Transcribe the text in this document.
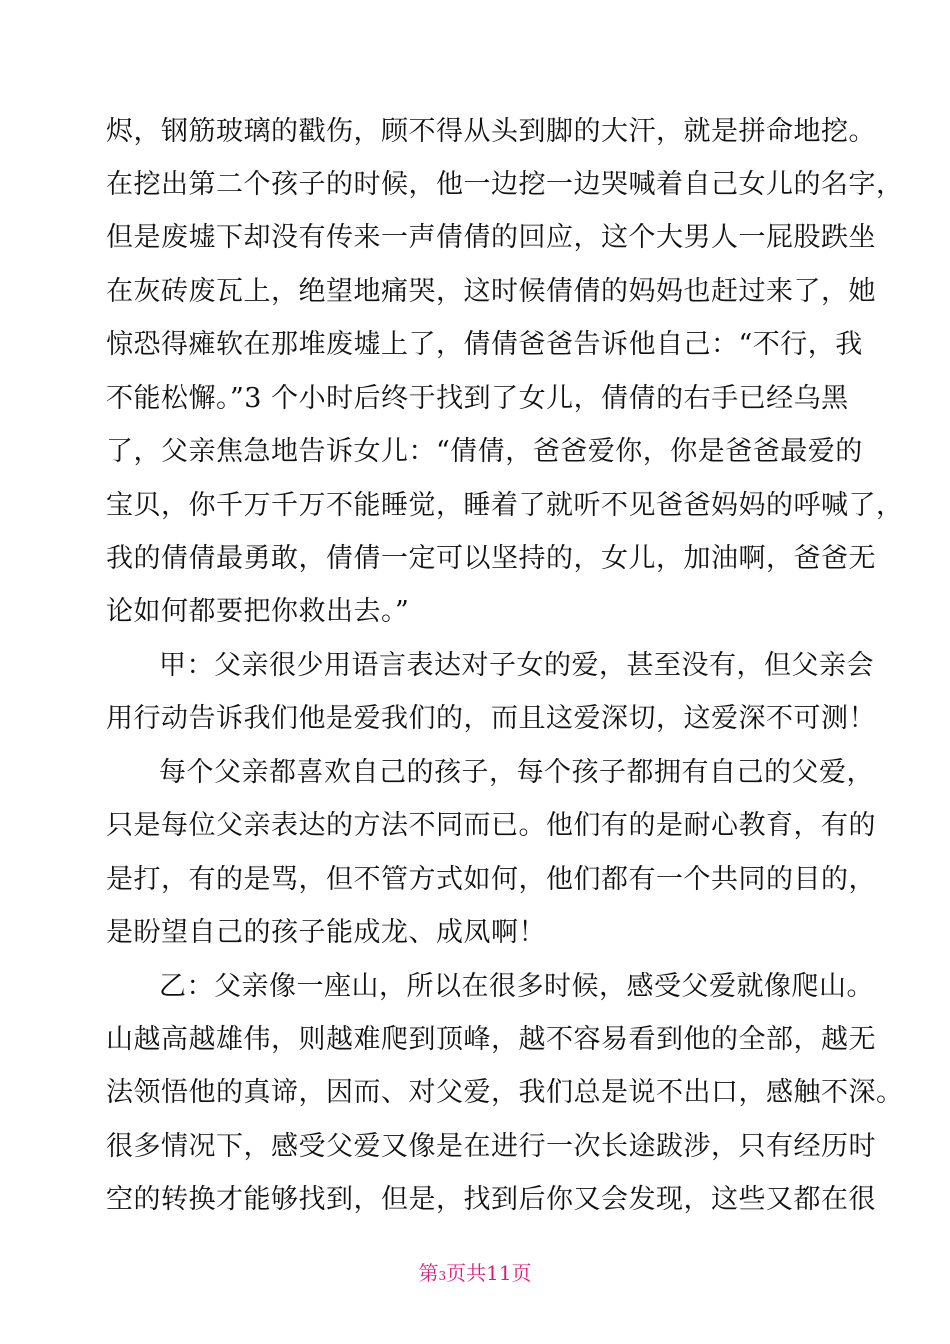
烬，钢筋玻璃的戳伤，顾不得从头到脚的大汗，就是拼命地挖。
在挖出第二个孩子的时候，他一边挖一边哭喊着自己女儿的名字，
但是废墟下却没有传来一声倩倩的回应，这个大男人一屁股跌坐
在灰砖废瓦上，绝望地痛哭，这时候倩倩的妈妈也赶过来了，她
惊恐得瘫软在那堆废墟上了，倩倩爸爸告诉他自己：“不行，我
不能松懈。”3 个小时后终于找到了女儿，倩倩的右手已经乌黑
了，父亲焦急地告诉女儿：“倩倩，爸爸爱你，你是爸爸最爱的
宝贝，你千万千万不能睡觉，睡着了就听不见爸爸妈妈的呼喊了，
我的倩倩最勇敢，倩倩一定可以坚持的，女儿，加油啊，爸爸无
论如何都要把你救出去。”
甲：父亲很少用语言表达对子女的爱，甚至没有，但父亲会
用行动告诉我们他是爱我们的，而且这爱深切，这爱深不可测！
每个父亲都喜欢自己的孩子，每个孩子都拥有自己的父爱，
只是每位父亲表达的方法不同而已。他们有的是耐心教育，有的
是打，有的是骂，但不管方式如何，他们都有一个共同的目的，
是盼望自己的孩子能成龙、成凤啊！
乙：父亲像一座山，所以在很多时候，感受父爱就像爬山。
山越高越雄伟，则越难爬到顶峰，越不容易看到他的全部，越无
法领悟他的真谛，因而、对父爱，我们总是说不出口，感触不深。
很多情况下，感受父爱又像是在进行一次长途跋涉，只有经历时
空的转换才能够找到，但是，找到后你又会发现，这些又都在很
第3页共11页
